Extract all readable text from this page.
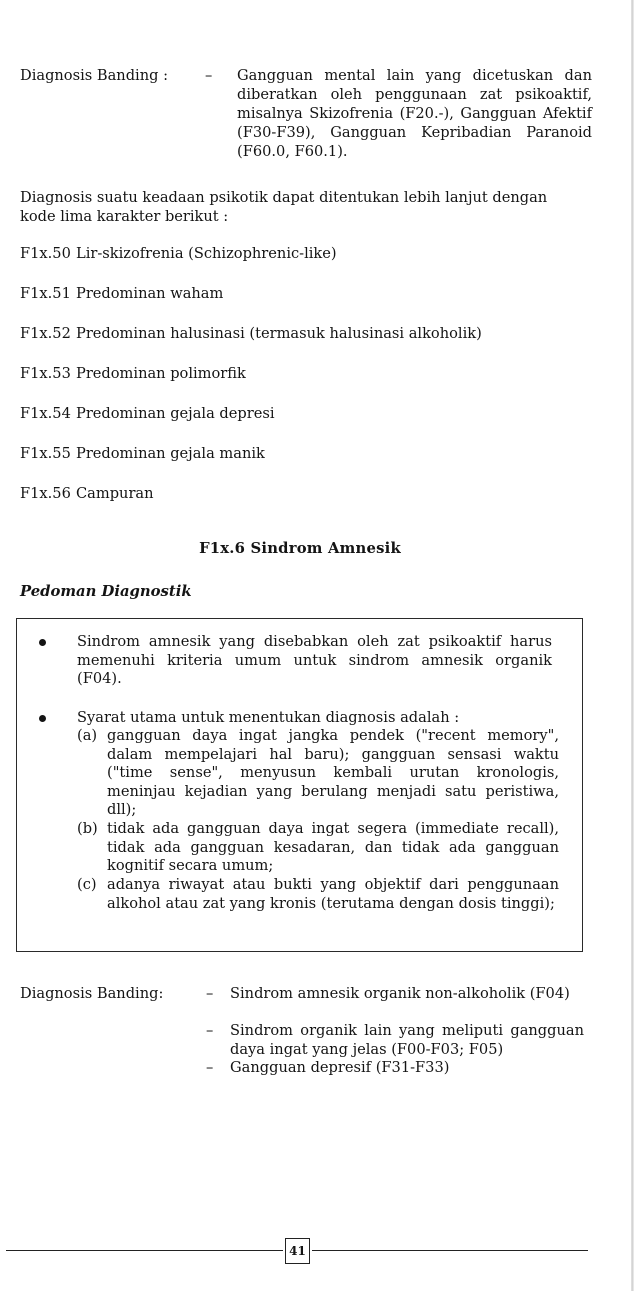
Diagnosis Banding :	– Gangguan mental lain yang dicetuskan dan diberatkan oleh penggunaan zat psikoaktif, misalnya Skizofrenia (F20.-), Gangguan Afektif (F30-F39), Gangguan Kepribadian Paranoid (F60.0, F60.1).
Diagnosis suatu keadaan psikotik dapat ditentukan lebih lanjut dengan kode lima karakter berikut :
F1x.50 Lir-skizofrenia (Schizophrenic-like)
F1x.51 Predominan waham
F1x.52 Predominan halusinasi (termasuk halusinasi alkoholik)
F1x.53 Predominan polimorfik
F1x.54 Predominan gejala depresi
F1x.55 Predominan gejala manik
F1x.56 Campuran
F1x.6 Sindrom Amnesik
Pedoman Diagnostik
Sindrom amnesik yang disebabkan oleh zat psikoaktif harus memenuhi kriteria umum untuk sindrom amnesik organik (F04).
Syarat utama untuk menentukan diagnosis adalah :
(a) gangguan daya ingat jangka pendek ("recent memory", dalam mempelajari hal baru); gangguan sensasi waktu ("time sense", menyusun kembali urutan kronologis, meninjau kejadian yang berulang menjadi satu peristiwa, dll);
(b) tidak ada gangguan daya ingat segera (immediate recall), tidak ada gangguan kesadaran, dan tidak ada gangguan kognitif secara umum;
(c) adanya riwayat atau bukti yang objektif dari penggunaan alkohol atau zat yang kronis (terutama dengan dosis tinggi);
Diagnosis Banding:	– Sindrom amnesik organik non-alkoholik (F04)
– Sindrom organik lain yang meliputi gangguan daya ingat yang jelas (F00-F03; F05)
– Gangguan depresif (F31-F33)
41
